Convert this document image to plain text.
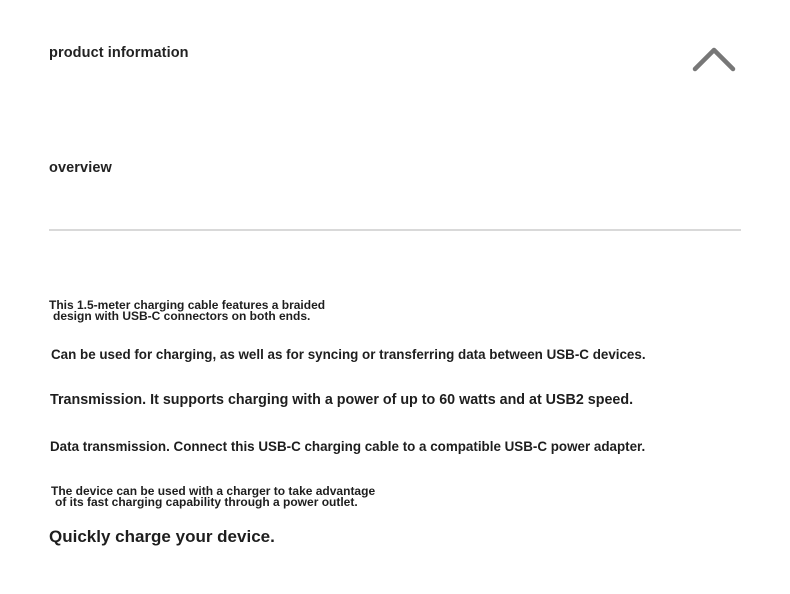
product information
overview
This 1.5-meter charging cable features a braided
design with USB-C connectors on both ends.
Can be used for charging, as well as for syncing or transferring data between USB-C devices.
Transmission. It supports charging with a power of up to 60 watts and at USB2 speed.
Data transmission. Connect this USB-C charging cable to a compatible USB-C power adapter.
The device can be used with a charger to take advantage
of its fast charging capability through a power outlet.
Quickly charge your device.
